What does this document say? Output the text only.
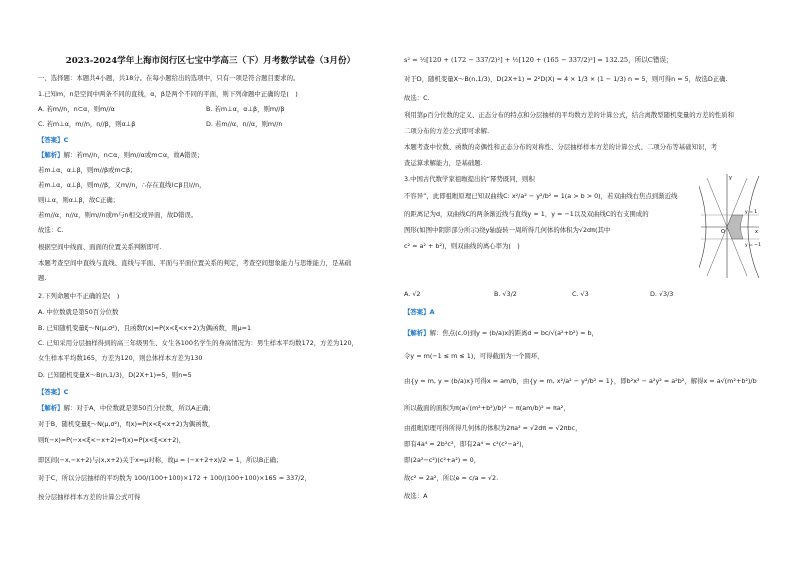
2023-2024学年上海市闵行区七宝中学高三（下）月考数学试卷（3月份）
一、选择题：本题共4小题，共18分。在每小题给出的选项中，只有一项是符合题目要求的。
1.已知m，n是空间中两条不同的直线，α，β是两个不同的平面，则下列命题中正确的是(　)
A. 若m//n，n⊂α，则m//α	B. 若m⊥α，α⊥β，则m//β
C. 若m⊥α，m//n，n//β，则α⊥β	D. 若m//α，n//α，则m//n
【答案】C
【解析】解：若m//n，n⊂α，则m//α或m⊂α，故A错误；
若m⊥α，α⊥β，则m//β或m⊂β；
若m⊥α，α⊥β，则m//β，又m//n，∴存在直线l⊂β且l//n，
则l⊥α，则α⊥β，故C正确；
若m//α，n//α，则m//n或m与n相交或异面，故D错误。
故选：C.
根据空间中线面、面面的位置关系判断即可.
本题考查空间中直线与直线、直线与平面、平面与平面位置关系的判定，考查空间想象能力与思维能力，是基础
题.
2.下列命题中不正确的是(　)
A. 中位数就是第50百分位数
B. 已知随机变量ξ～N(μ,σ²)，且函数f(x)=P(x<ξ<x+2)为偶函数，则μ=1
C. 已知采用分层抽样得到的高三年级男生、女生各100名学生的身高情况为：男生样本平均数172，方差为120，
女生样本平均数165，方差为120，则总体样本方差为130
D. 已知随机变量X～B(n,1/3)，D(2X+1)=5，则n=5
【答案】C
【解析】解：对于A，中位数就是第50百分位数，所以A正确；
对于B，随机变量ξ～N(μ,σ²)，f(x)=P(x<ξ<x+2)为偶函数，
则f(−x)=P(−x<ξ<−x+2)=f(x)=P(x<ξ<x+2)，
即区间(−x,−x+2)与(x,x+2)关于x=μ对称，故μ = (−x+2+x)/2 = 1，所以B正确；
对于C，所以分层抽样的平均数为 100/(100+100)×172 + 100/(100+100)×165 = 337/2，
按分层抽样样本方差的计算公式可得
s² = ½[120 + (172 − 337/2)²] + ½[120 + (165 − 337/2)²] = 132.25，所以C错误；
对于D，随机变量X～B(n,1/3)，D(2X+1) = 2²D(X) = 4 × 1/3 × (1 − 1/3) n = 5，则可得n = 5，故选D正确.
故选：C.
利用第p百分位数的定义、正态分布的特点和分层抽样的平均数方差的计算公式，结合离散型随机变量的方差的性质和
二项分布的方差公式即可求解.
本题考查中位数、函数的奇偶性和正态分布的对称性、分层抽样样本方差的计算公式、二项分布等基础知识，考
查运算求解能力，是基础题.
3.中国古代数学家祖暅提出的“幂势既同，则积
不容异”，此即祖暅原理已知双曲线C: x²/a² − y²/b² = 1(a > b > 0)，若双曲线右焦点到渐近线
的距离记为d，双曲线C的两条渐近线与直线y = 1，y = −1以及双曲线C的右支围成的
图形(如图中阴影部分所示)绕y轴旋转一周所得几何体的体积为√2dπ(其中
c² = a² + b²)，则双曲线的离心率为(　)
y = 1
y = −1
O	x
y
A. √2	B. √3/2	C. √3	D. √3/3
【答案】A
【解析】解：焦点(c,0)到y = (b/a)x的距离d = bc/√(a²+b²) = b，
令y = m(−1 ≤ m ≤ 1)，可得截面为一个圆环，
由{y = m, y = (b/a)x}可得x = am/b，由{y = m, x²/a² − y²/b² = 1}，即b²x² − a²y² = a²b²，解得x = a√(m²+b²)/b
所以截面的面积为π(a√(m²+b²)/b)² − π(am/b)² = πa²，
由祖暅原理可得所得几何体的体积为2πa² = √2dπ = √2πbc，
即有4a⁴ = 2b²c²，即有2a⁴ = c²(c²−a²)，
即(2a²−c²)(c²+a²) = 0，
故c² = 2a²，所以e = c/a = √2.
故选：A
